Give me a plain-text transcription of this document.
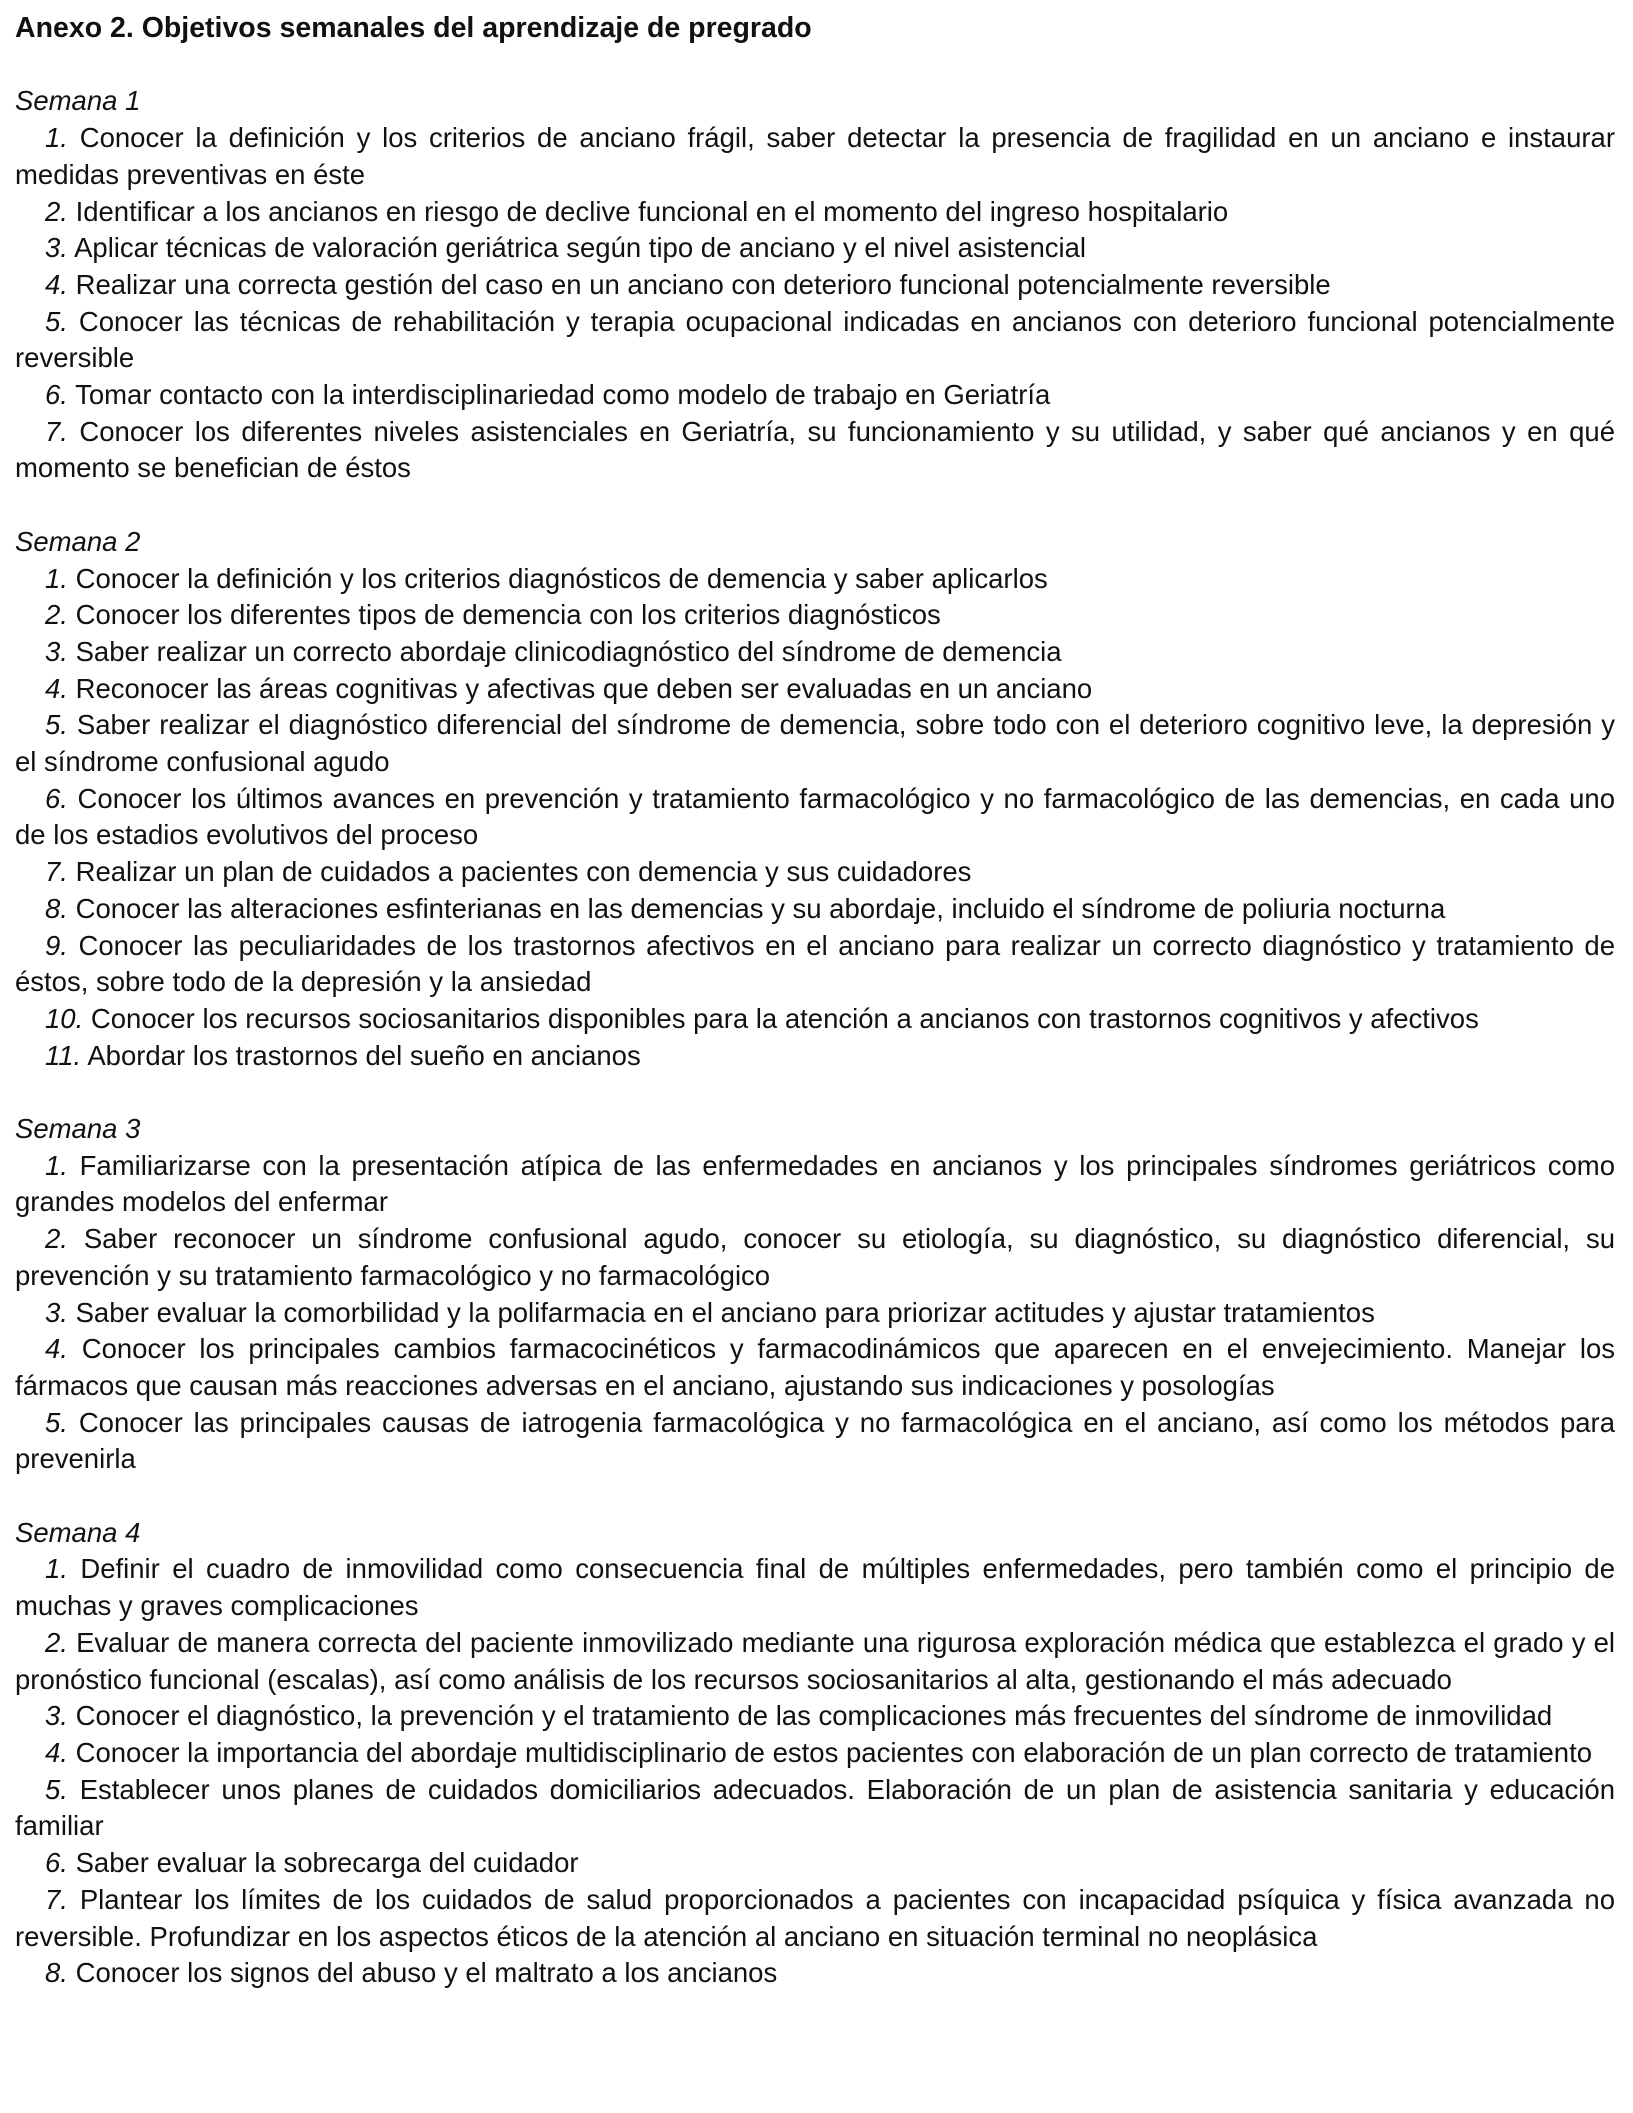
Anexo 2. Objetivos semanales del aprendizaje de pregrado
Semana 1
1. Conocer la definición y los criterios de anciano frágil, saber detectar la presencia de fragilidad en un anciano e instaurar medidas preventivas en éste
2. Identificar a los ancianos en riesgo de declive funcional en el momento del ingreso hospitalario
3. Aplicar técnicas de valoración geriátrica según tipo de anciano y el nivel asistencial
4. Realizar una correcta gestión del caso en un anciano con deterioro funcional potencialmente reversible
5. Conocer las técnicas de rehabilitación y terapia ocupacional indicadas en ancianos con deterioro funcional potencialmente reversible
6. Tomar contacto con la interdisciplinariedad como modelo de trabajo en Geriatría
7. Conocer los diferentes niveles asistenciales en Geriatría, su funcionamiento y su utilidad, y saber qué ancianos y en qué momento se benefician de éstos
Semana 2
1. Conocer la definición y los criterios diagnósticos de demencia y saber aplicarlos
2. Conocer los diferentes tipos de demencia con los criterios diagnósticos
3. Saber realizar un correcto abordaje clinicodiagnóstico del síndrome de demencia
4. Reconocer las áreas cognitivas y afectivas que deben ser evaluadas en un anciano
5. Saber realizar el diagnóstico diferencial del síndrome de demencia, sobre todo con el deterioro cognitivo leve, la depresión y el síndrome confusional agudo
6. Conocer los últimos avances en prevención y tratamiento farmacológico y no farmacológico de las demencias, en cada uno de los estadios evolutivos del proceso
7. Realizar un plan de cuidados a pacientes con demencia y sus cuidadores
8. Conocer las alteraciones esfinterianas en las demencias y su abordaje, incluido el síndrome de poliuria nocturna
9. Conocer las peculiaridades de los trastornos afectivos en el anciano para realizar un correcto diagnóstico y tratamiento de éstos, sobre todo de la depresión y la ansiedad
10. Conocer los recursos sociosanitarios disponibles para la atención a ancianos con trastornos cognitivos y afectivos
11. Abordar los trastornos del sueño en ancianos
Semana 3
1. Familiarizarse con la presentación atípica de las enfermedades en ancianos y los principales síndromes geriátricos como grandes modelos del enfermar
2. Saber reconocer un síndrome confusional agudo, conocer su etiología, su diagnóstico, su diagnóstico diferencial, su prevención y su tratamiento farmacológico y no farmacológico
3. Saber evaluar la comorbilidad y la polifarmacia en el anciano para priorizar actitudes y ajustar tratamientos
4. Conocer los principales cambios farmacocinéticos y farmacodinámicos que aparecen en el envejecimiento. Manejar los fármacos que causan más reacciones adversas en el anciano, ajustando sus indicaciones y posologías
5. Conocer las principales causas de iatrogenia farmacológica y no farmacológica en el anciano, así como los métodos para prevenirla
Semana 4
1. Definir el cuadro de inmovilidad como consecuencia final de múltiples enfermedades, pero también como el principio de muchas y graves complicaciones
2. Evaluar de manera correcta del paciente inmovilizado mediante una rigurosa exploración médica que establezca el grado y el pronóstico funcional (escalas), así como análisis de los recursos sociosanitarios al alta, gestionando el más adecuado
3. Conocer el diagnóstico, la prevención y el tratamiento de las complicaciones más frecuentes del síndrome de inmovilidad
4. Conocer la importancia del abordaje multidisciplinario de estos pacientes con elaboración de un plan correcto de tratamiento
5. Establecer unos planes de cuidados domiciliarios adecuados. Elaboración de un plan de asistencia sanitaria y educación familiar
6. Saber evaluar la sobrecarga del cuidador
7. Plantear los límites de los cuidados de salud proporcionados a pacientes con incapacidad psíquica y física avanzada no reversible. Profundizar en los aspectos éticos de la atención al anciano en situación terminal no neoplásica
8. Conocer los signos del abuso y el maltrato a los ancianos
